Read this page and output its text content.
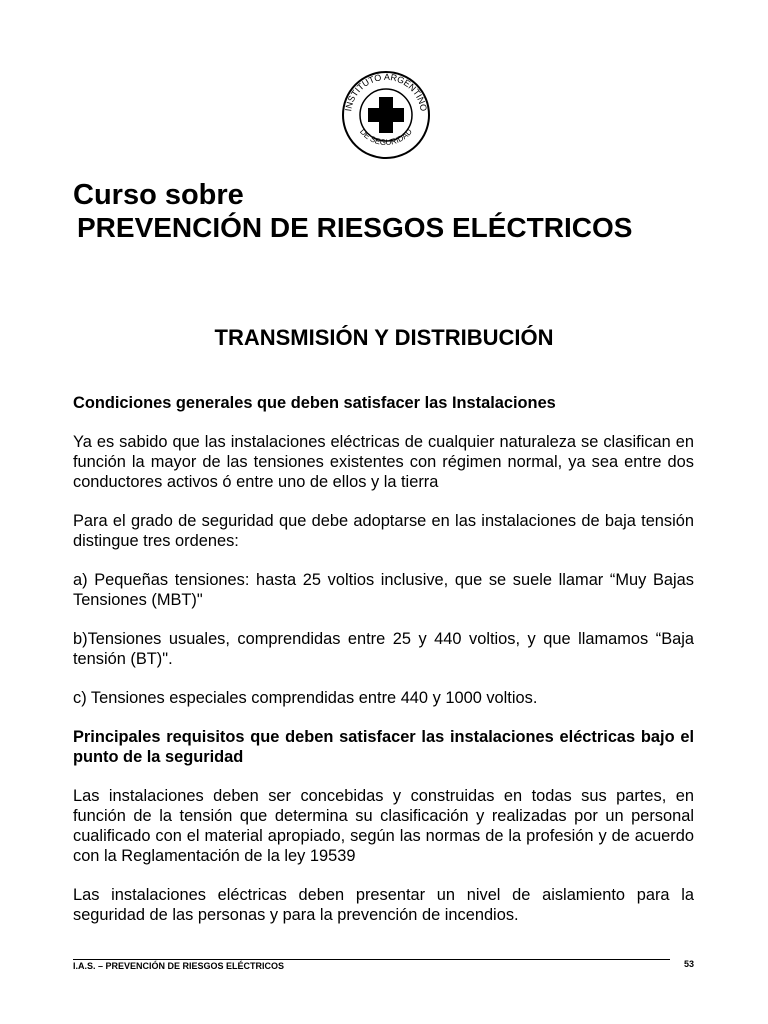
INSTITUTO ARGENTINO
DE SEGURIDAD
Curso sobre
PREVENCIÓN DE RIESGOS ELÉCTRICOS
TRANSMISIÓN Y DISTRIBUCIÓN

Condiciones generales que deben satisfacer las Instalaciones

Ya es sabido que las instalaciones eléctricas de cualquier naturaleza se clasifican en función la mayor de las tensiones existentes con régimen normal, ya sea entre dos conductores activos ó entre uno de ellos y la tierra

Para el grado de seguridad que debe adoptarse en las instalaciones de baja tensión distingue tres ordenes:

a) Pequeñas tensiones: hasta 25 voltios inclusive, que se suele llamar “Muy Bajas Tensiones (MBT)"

b)Tensiones usuales, comprendidas entre 25 y 440 voltios, y que llamamos “Baja tensión (BT)".

c) Tensiones especiales comprendidas entre 440 y 1000 voltios.

Principales requisitos que deben satisfacer las instalaciones eléctricas bajo el punto de la seguridad

Las instalaciones deben ser concebidas y construidas en todas sus partes, en función de la tensión que determina su clasificación y realizadas por un personal cualificado con el material apropiado, según las normas de la profesión y de acuerdo con la Reglamentación de la ley 19539

Las instalaciones eléctricas deben presentar un nivel de aislamiento para la seguridad de las personas y para la prevención de incendios.

I.A.S. – PREVENCIÓN DE RIESGOS ELÉCTRICOS	53
